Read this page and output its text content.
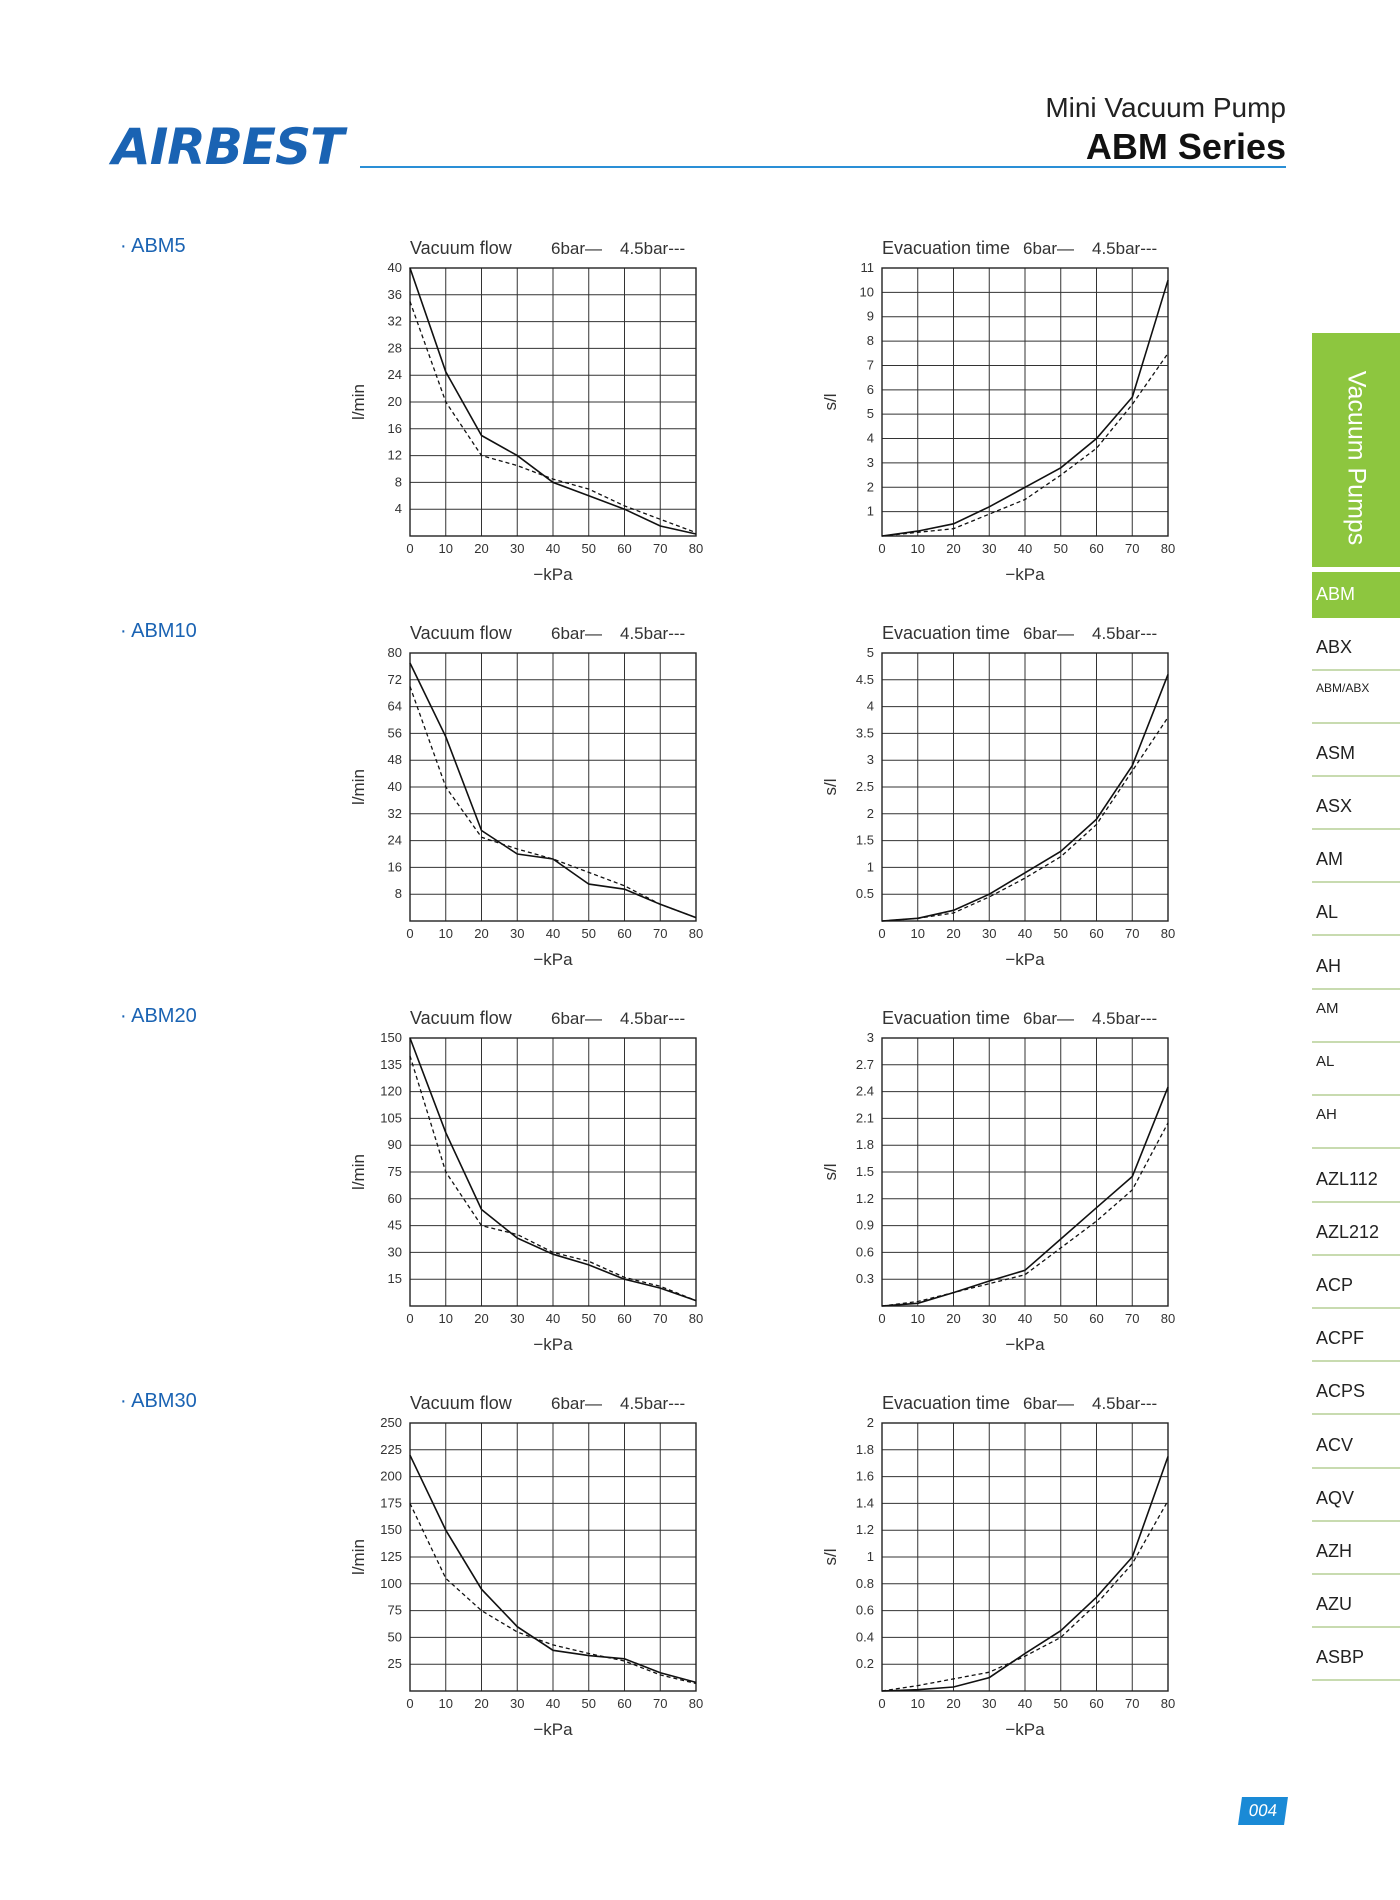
AIRBEST
Mini Vacuum Pump
ABM Series
· ABM5
· ABM10
· ABM20
· ABM30
Vacuum flow 6bar— 4.5bar---
0 10 20 30 40 50 60 70 80
4
8
12
16
20
24
28
32
36
40
−kPa
l/min
Evacuation time 6bar— 4.5bar---
0 10 20 30 40 50 60 70 80
1
2
3
4
5
6
7
8
9
10
11
−kPa
s/l
Vacuum flow 6bar— 4.5bar---
0 10 20 30 40 50 60 70 80
8
16
24
32
40
48
56
64
72
80
−kPa
l/min
Evacuation time 6bar— 4.5bar---
0 10 20 30 40 50 60 70 80
0.5
1
1.5
2
2.5
3
3.5
4
4.5
5
−kPa
s/l
Vacuum flow 6bar— 4.5bar---
0 10 20 30 40 50 60 70 80
15
30
45
60
75
90
105
120
135
150
−kPa
l/min
Evacuation time 6bar— 4.5bar---
0 10 20 30 40 50 60 70 80
0.3
0.6
0.9
1.2
1.5
1.8
2.1
2.4
2.7
3
−kPa
s/l
Vacuum flow 6bar— 4.5bar---
0 10 20 30 40 50 60 70 80
25
50
75
100
125
150
175
200
225
250
−kPa
l/min
Evacuation time 6bar— 4.5bar---
0 10 20 30 40 50 60 70 80
0.2
0.4
0.6
0.8
1
1.2
1.4
1.6
1.8
2
−kPa
s/l
Vacuum Pumps
ABM
ABX
ABM/ABX
ASM
ASX
AM
AL
AH
AM
AL
AH
AZL112
AZL212
ACP
ACPF
ACPS
ACV
AQV
AZH
AZU
ASBP
004
